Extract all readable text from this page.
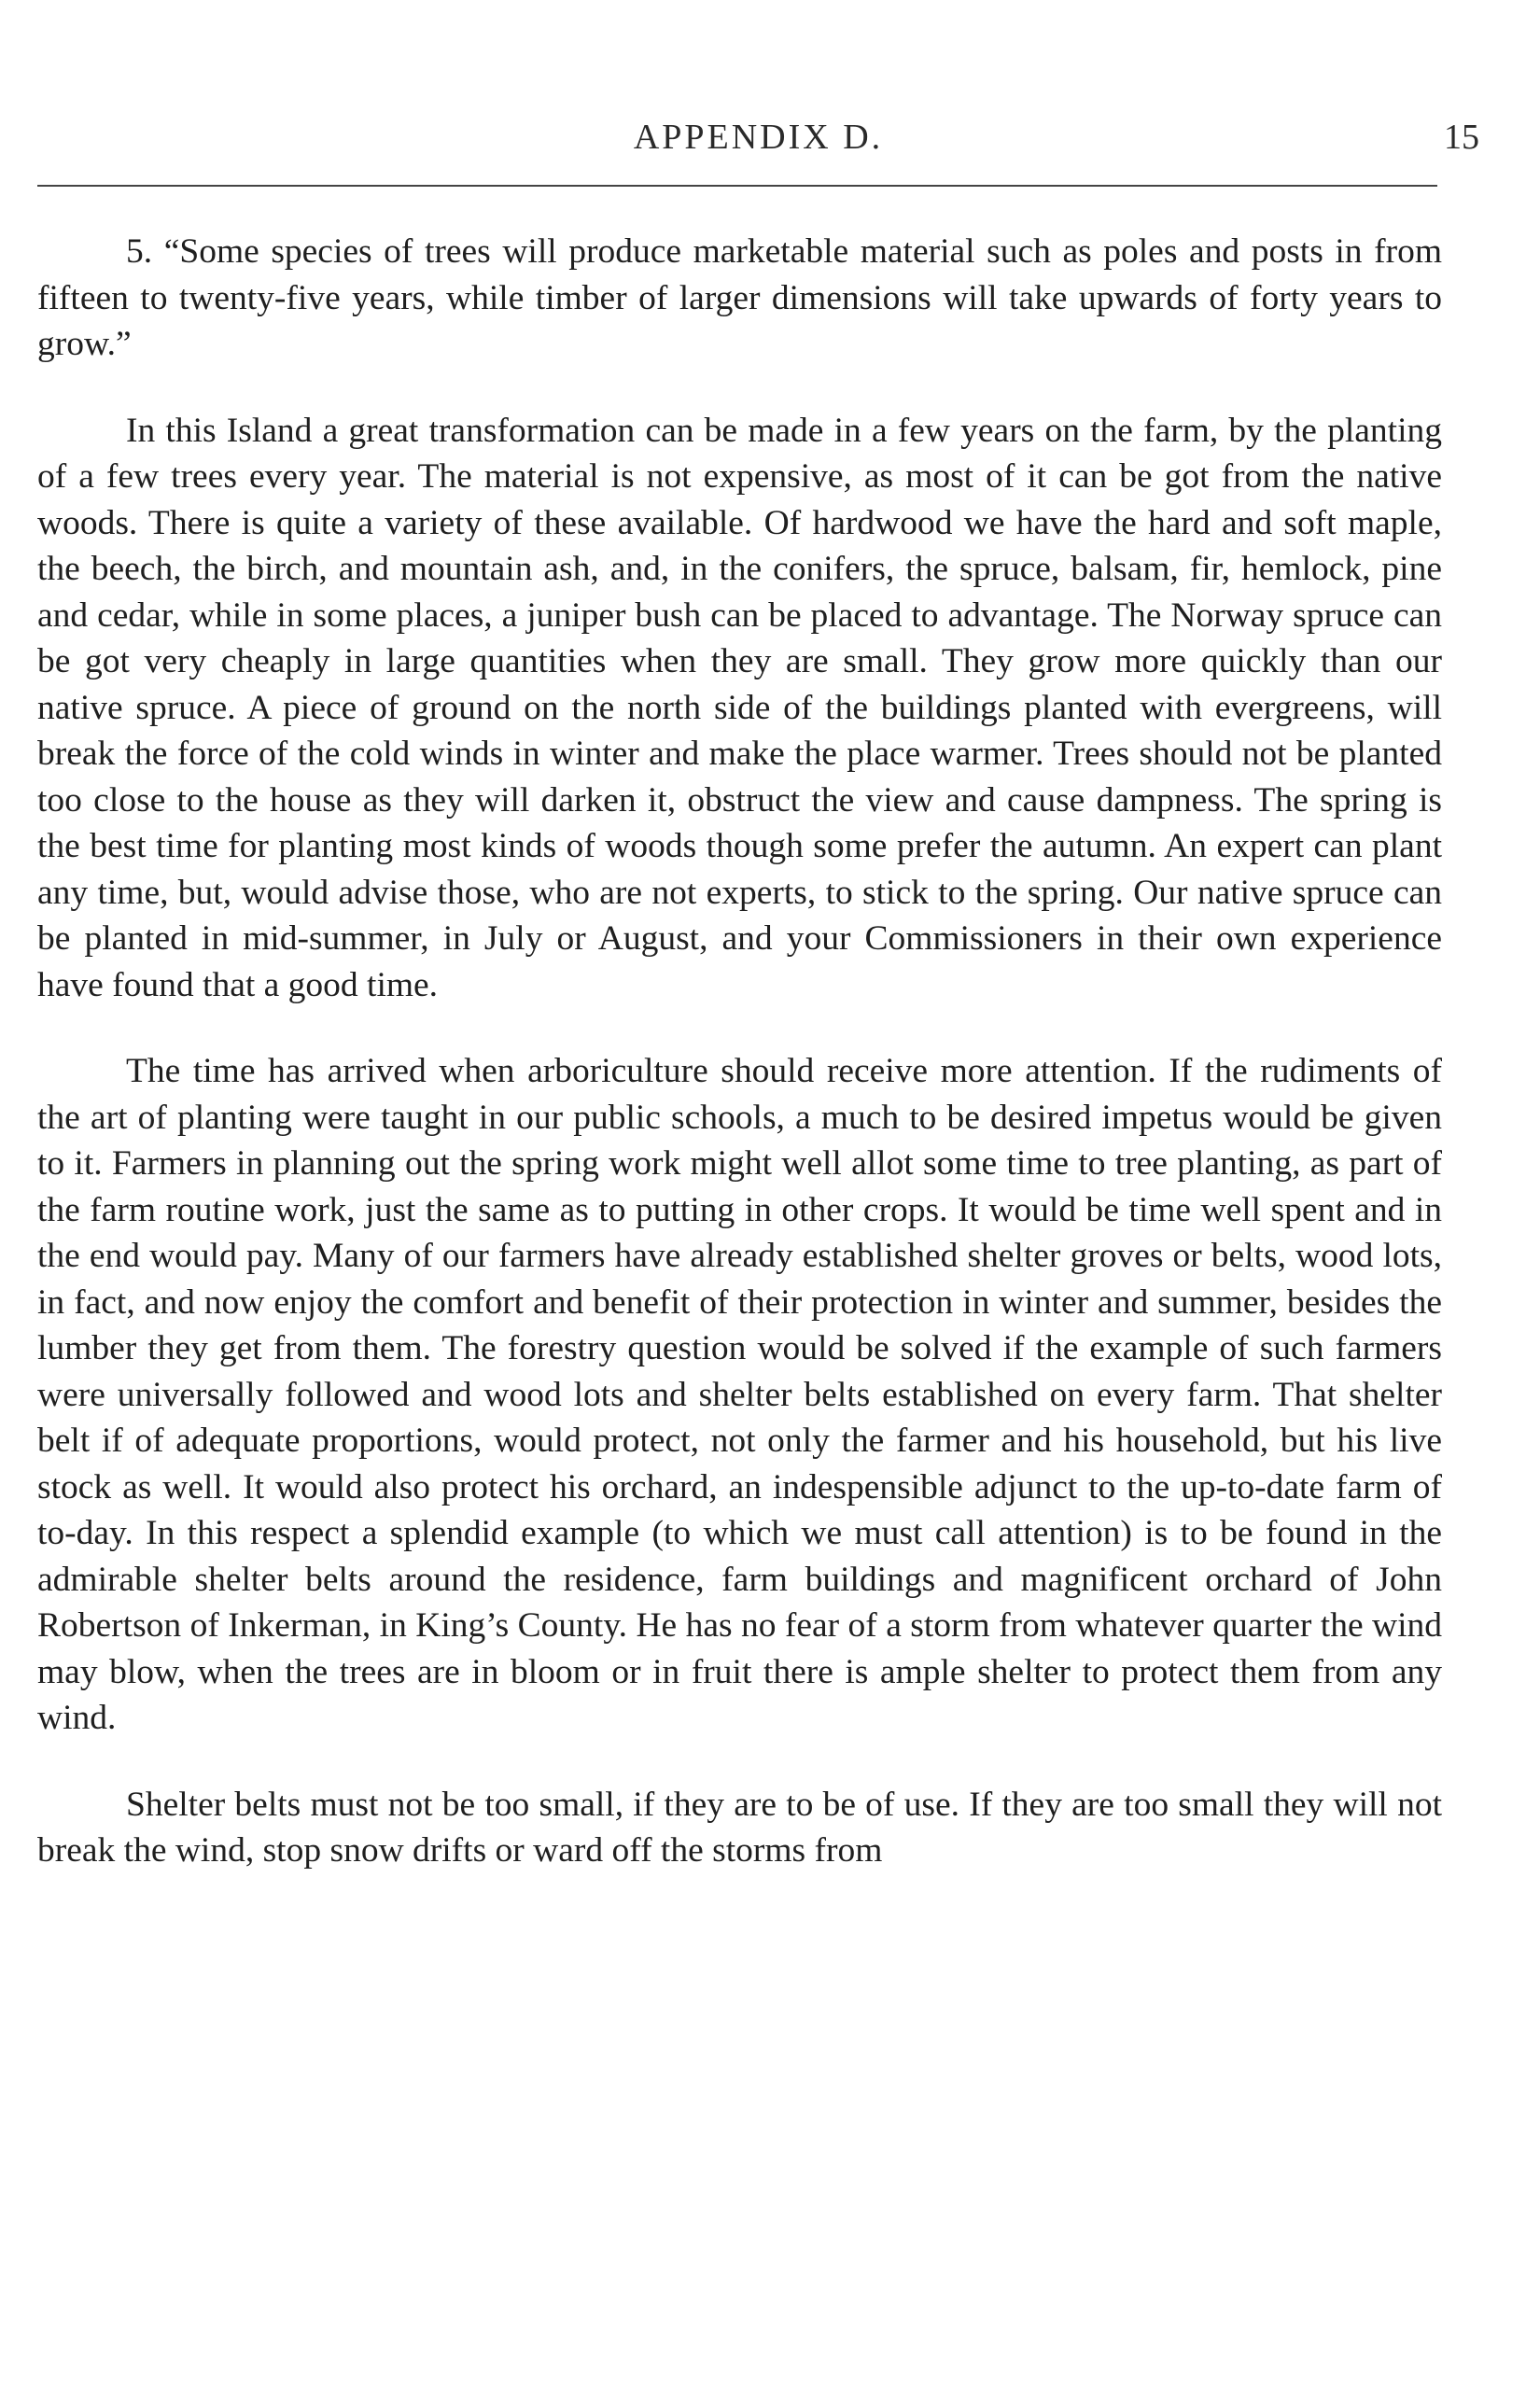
APPENDIX D.	15

5. “Some species of trees will produce marketable material such as poles and posts in from fifteen to twenty-five years, while timber of larger dimensions will take upwards of forty years to grow.”

In this Island a great transformation can be made in a few years on the farm, by the planting of a few trees every year. The material is not expensive, as most of it can be got from the native woods. There is quite a variety of these available. Of hardwood we have the hard and soft maple, the beech, the birch, and mountain ash, and, in the conifers, the spruce, balsam, fir, hemlock, pine and cedar, while in some places, a juniper bush can be placed to advantage. The Norway spruce can be got very cheaply in large quantities when they are small. They grow more quickly than our native spruce. A piece of ground on the north side of the buildings planted with evergreens, will break the force of the cold winds in winter and make the place warmer. Trees should not be planted too close to the house as they will darken it, obstruct the view and cause dampness. The spring is the best time for planting most kinds of woods though some prefer the autumn. An expert can plant any time, but, would advise those, who are not experts, to stick to the spring. Our native spruce can be planted in mid-summer, in July or August, and your Commissioners in their own experience have found that a good time.

The time has arrived when arboriculture should receive more attention. If the rudiments of the art of planting were taught in our public schools, a much to be desired impetus would be given to it. Farmers in planning out the spring work might well allot some time to tree planting, as part of the farm routine work, just the same as to putting in other crops. It would be time well spent and in the end would pay. Many of our farmers have already established shelter groves or belts, wood lots, in fact, and now enjoy the comfort and benefit of their protection in winter and summer, besides the lumber they get from them. The forestry question would be solved if the example of such farmers were universally followed and wood lots and shelter belts established on every farm. That shelter belt if of adequate proportions, would protect, not only the farmer and his household, but his live stock as well. It would also protect his orchard, an indespensible adjunct to the up-to-date farm of to-day. In this respect a splendid example (to which we must call attention) is to be found in the admirable shelter belts around the residence, farm buildings and magnificent orchard of John Robertson of Inkerman, in King’s County. He has no fear of a storm from whatever quarter the wind may blow, when the trees are in bloom or in fruit there is ample shelter to protect them from any wind.

Shelter belts must not be too small, if they are to be of use. If they are too small they will not break the wind, stop snow drifts or ward off the storms from
